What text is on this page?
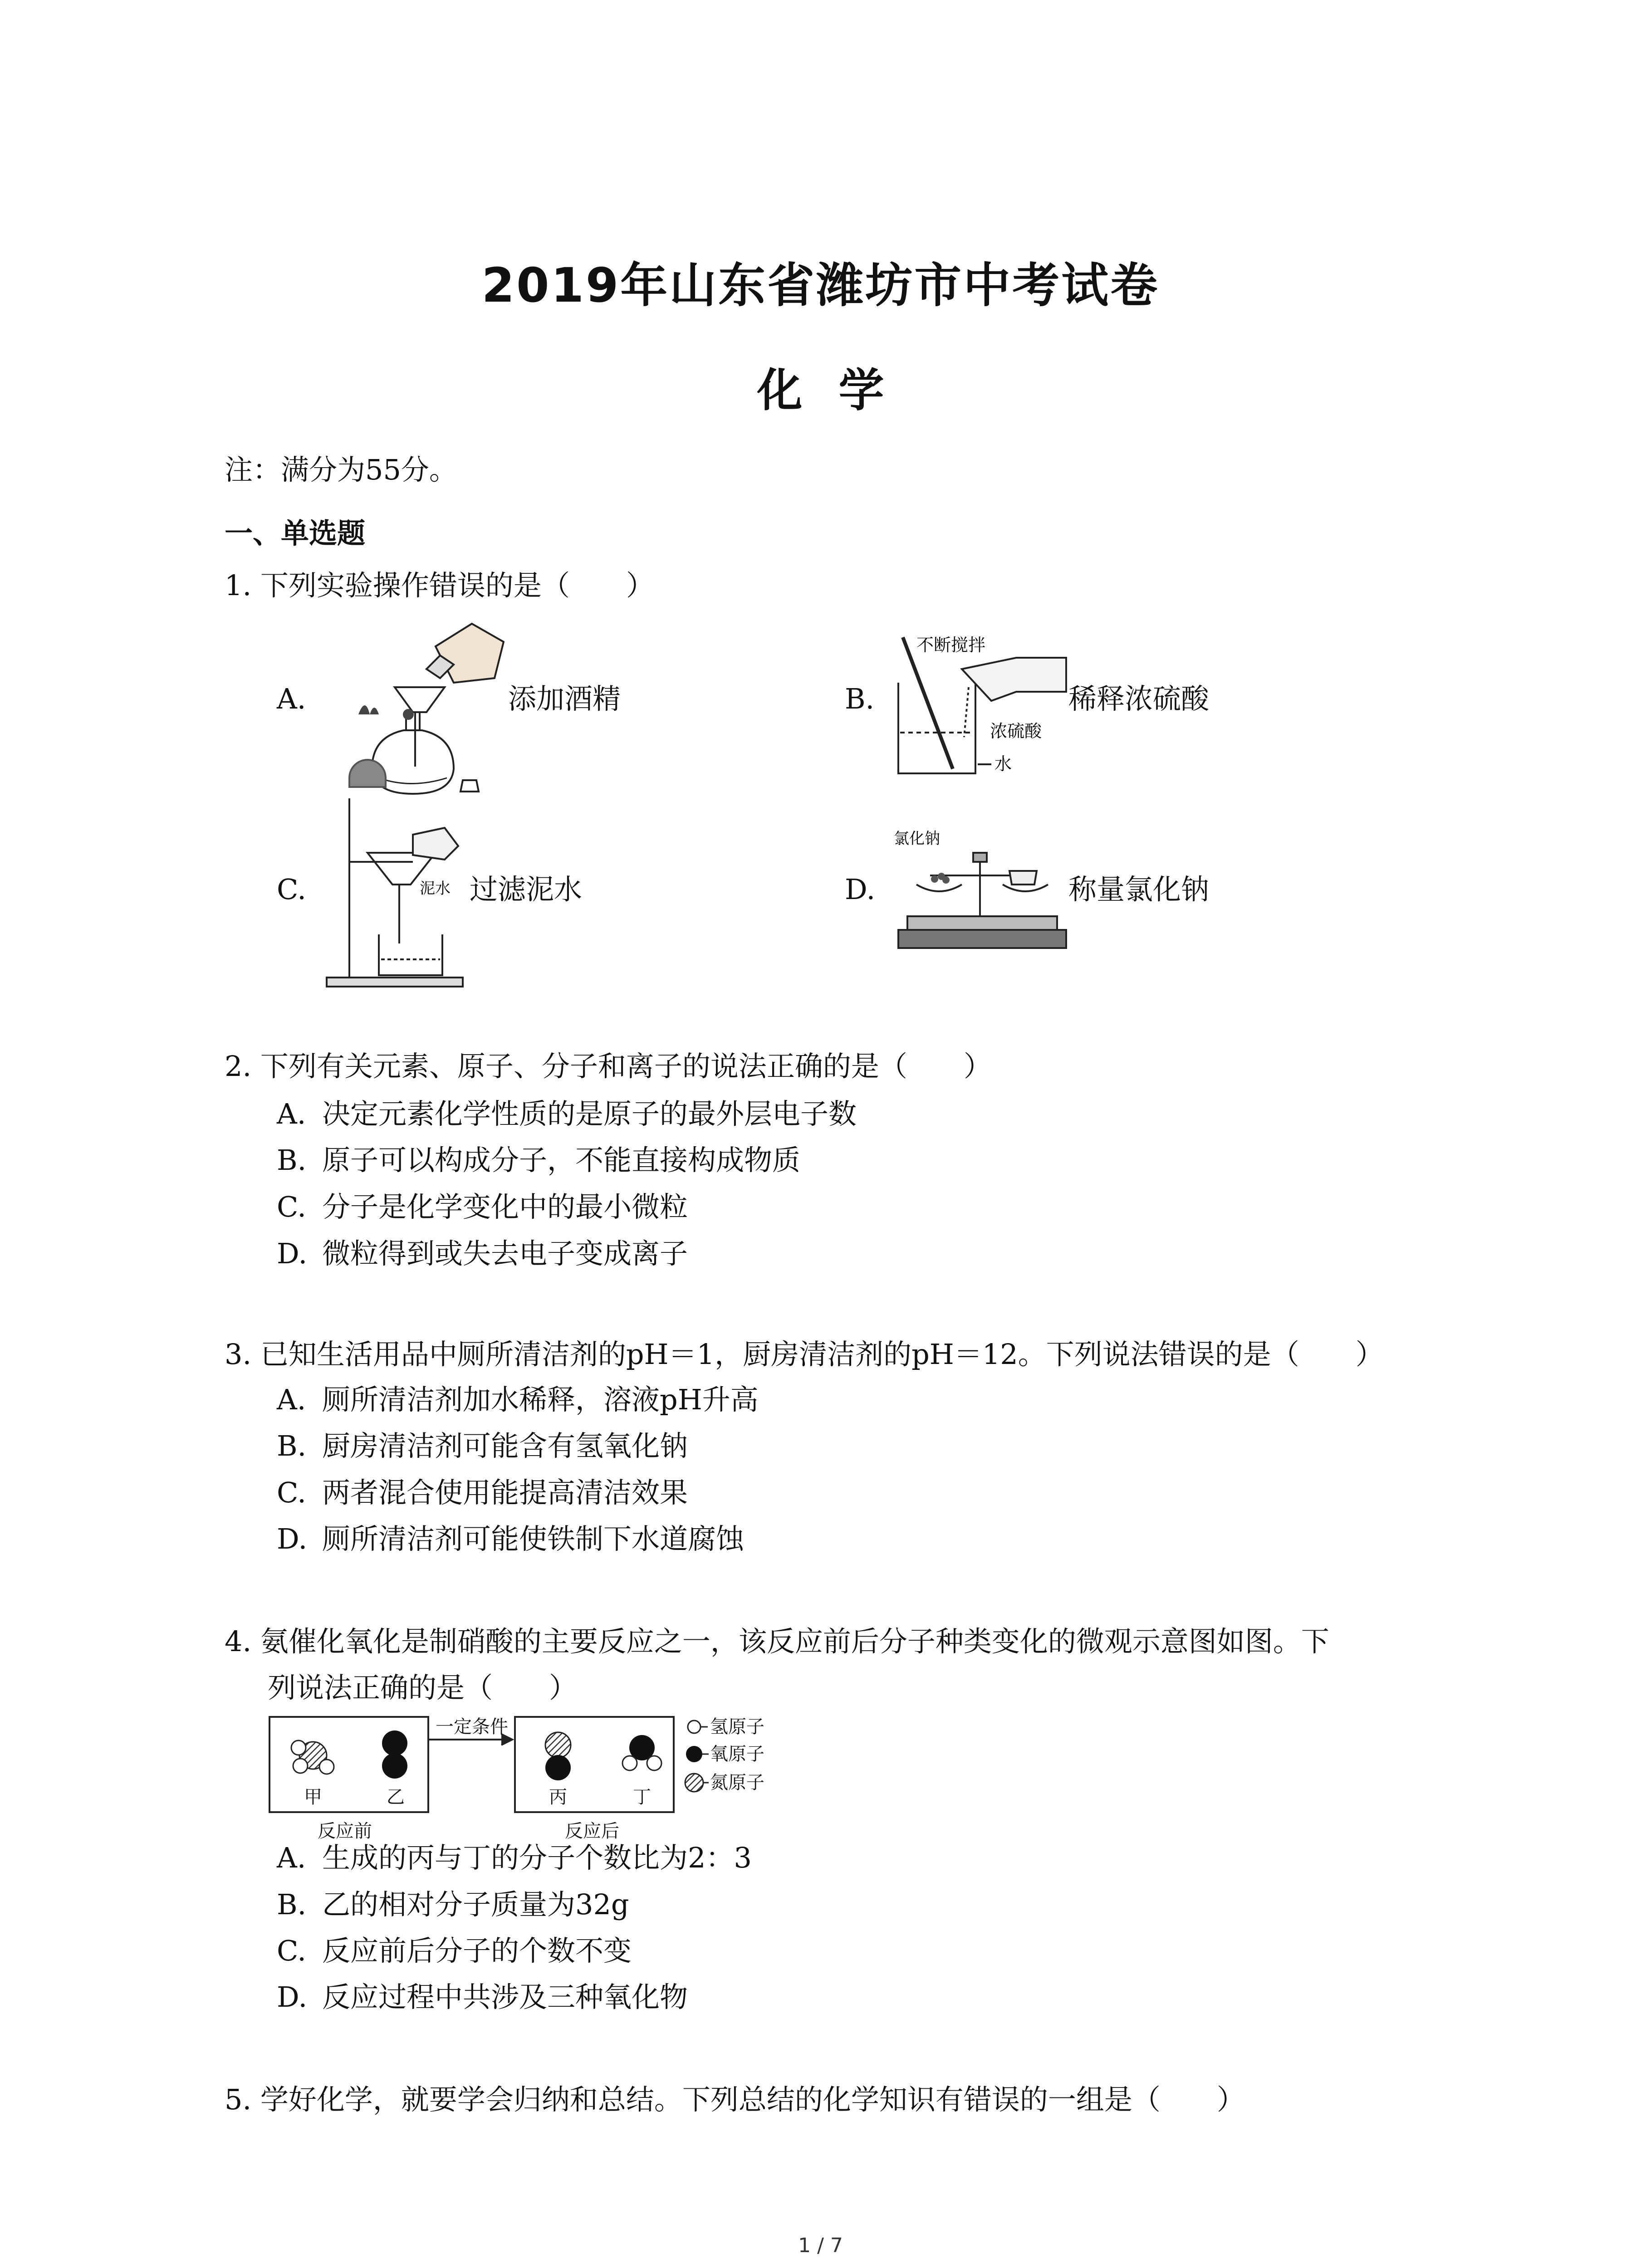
2019年山东省潍坊市中考试卷
化学
注：满分为55分。
一、单选题
1. 下列实验操作错误的是（　　）
A.	添加酒精	B.	稀释浓硫酸
C.	过滤泥水	D.	称量氯化钠
不断搅拌
浓硫酸
水
泥水
氯化钠
2. 下列有关元素、原子、分子和离子的说法正确的是（　　）
A. 决定元素化学性质的是原子的最外层电子数
B. 原子可以构成分子，不能直接构成物质
C. 分子是化学变化中的最小微粒
D. 微粒得到或失去电子变成离子
3. 已知生活用品中厕所清洁剂的pH＝1，厨房清洁剂的pH＝12。下列说法错误的是（　　）
A. 厕所清洁剂加水稀释，溶液pH升高
B. 厨房清洁剂可能含有氢氧化钠
C. 两者混合使用能提高清洁效果
D. 厕所清洁剂可能使铁制下水道腐蚀
4. 氨催化氧化是制硝酸的主要反应之一，该反应前后分子种类变化的微观示意图如图。下
列说法正确的是（　　）
甲	乙	丙	丁
一定条件
反应前	反应后
氢原子
氧原子
氮原子
A. 生成的丙与丁的分子个数比为2：3
B. 乙的相对分子质量为32g
C. 反应前后分子的个数不变
D. 反应过程中共涉及三种氧化物
5. 学好化学，就要学会归纳和总结。下列总结的化学知识有错误的一组是（　　）
1 / 7
